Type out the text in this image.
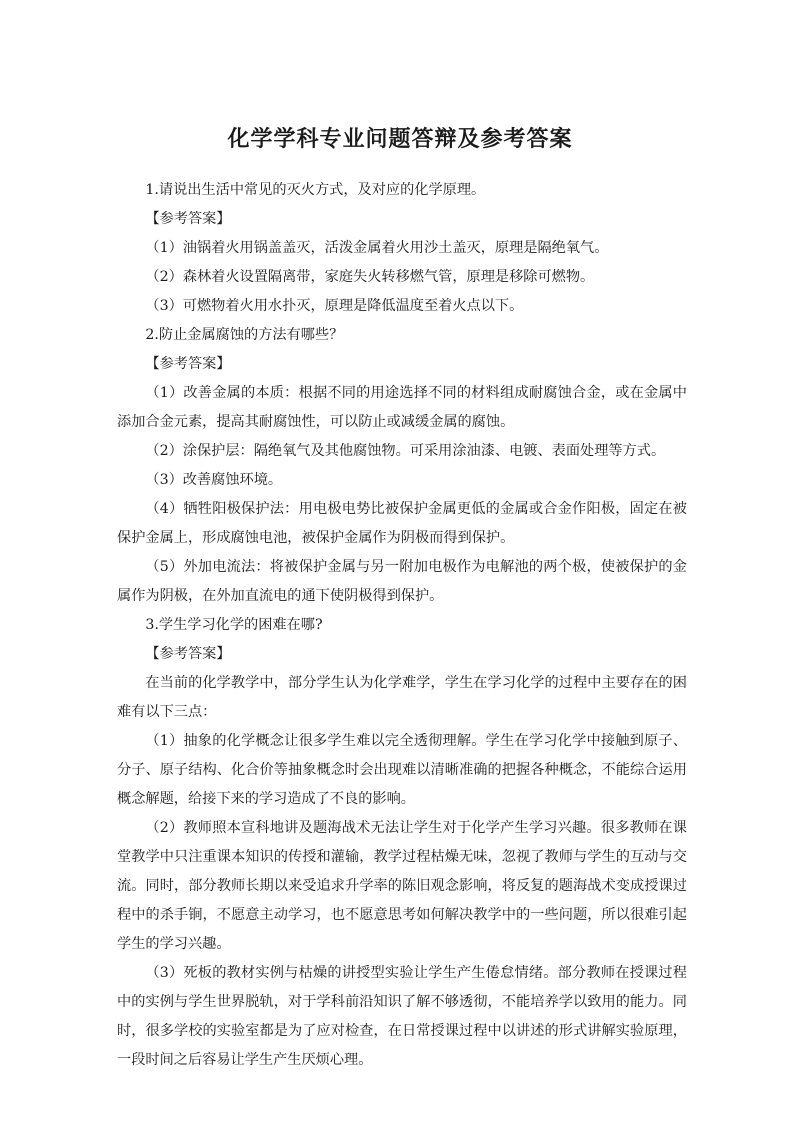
化学学科专业问题答辩及参考答案

1.请说出生活中常见的灭火方式，及对应的化学原理。

【参考答案】

（1）油锅着火用锅盖盖灭，活泼金属着火用沙土盖灭，原理是隔绝氧气。

（2）森林着火设置隔离带，家庭失火转移燃气管，原理是移除可燃物。

（3）可燃物着火用水扑灭，原理是降低温度至着火点以下。

2.防止金属腐蚀的方法有哪些？

【参考答案】

（1）改善金属的本质：根据不同的用途选择不同的材料组成耐腐蚀合金，或在金属中添加合金元素，提高其耐腐蚀性，可以防止或减缓金属的腐蚀。

（2）涂保护层：隔绝氧气及其他腐蚀物。可采用涂油漆、电镀、表面处理等方式。

（3）改善腐蚀环境。

（4）牺牲阳极保护法：用电极电势比被保护金属更低的金属或合金作阳极，固定在被保护金属上，形成腐蚀电池，被保护金属作为阴极而得到保护。

（5）外加电流法：将被保护金属与另一附加电极作为电解池的两个极，使被保护的金属作为阴极，在外加直流电的通下使阴极得到保护。

3.学生学习化学的困难在哪?

【参考答案】

在当前的化学教学中，部分学生认为化学难学，学生在学习化学的过程中主要存在的困难有以下三点：

（1）抽象的化学概念让很多学生难以完全透彻理解。学生在学习化学中接触到原子、分子、原子结构、化合价等抽象概念时会出现难以清晰准确的把握各种概念，不能综合运用概念解题，给接下来的学习造成了不良的影响。

（2）教师照本宣科地讲及题海战术无法让学生对于化学产生学习兴趣。很多教师在课堂教学中只注重课本知识的传授和灌输，教学过程枯燥无味，忽视了教师与学生的互动与交流。同时，部分教师长期以来受追求升学率的陈旧观念影响，将反复的题海战术变成授课过程中的杀手锏，不愿意主动学习，也不愿意思考如何解决教学中的一些问题，所以很难引起学生的学习兴趣。

（3）死板的教材实例与枯燥的讲授型实验让学生产生倦怠情绪。部分教师在授课过程中的实例与学生世界脱轨，对于学科前沿知识了解不够透彻，不能培养学以致用的能力。同时，很多学校的实验室都是为了应对检查，在日常授课过程中以讲述的形式讲解实验原理，一段时间之后容易让学生产生厌烦心理。
